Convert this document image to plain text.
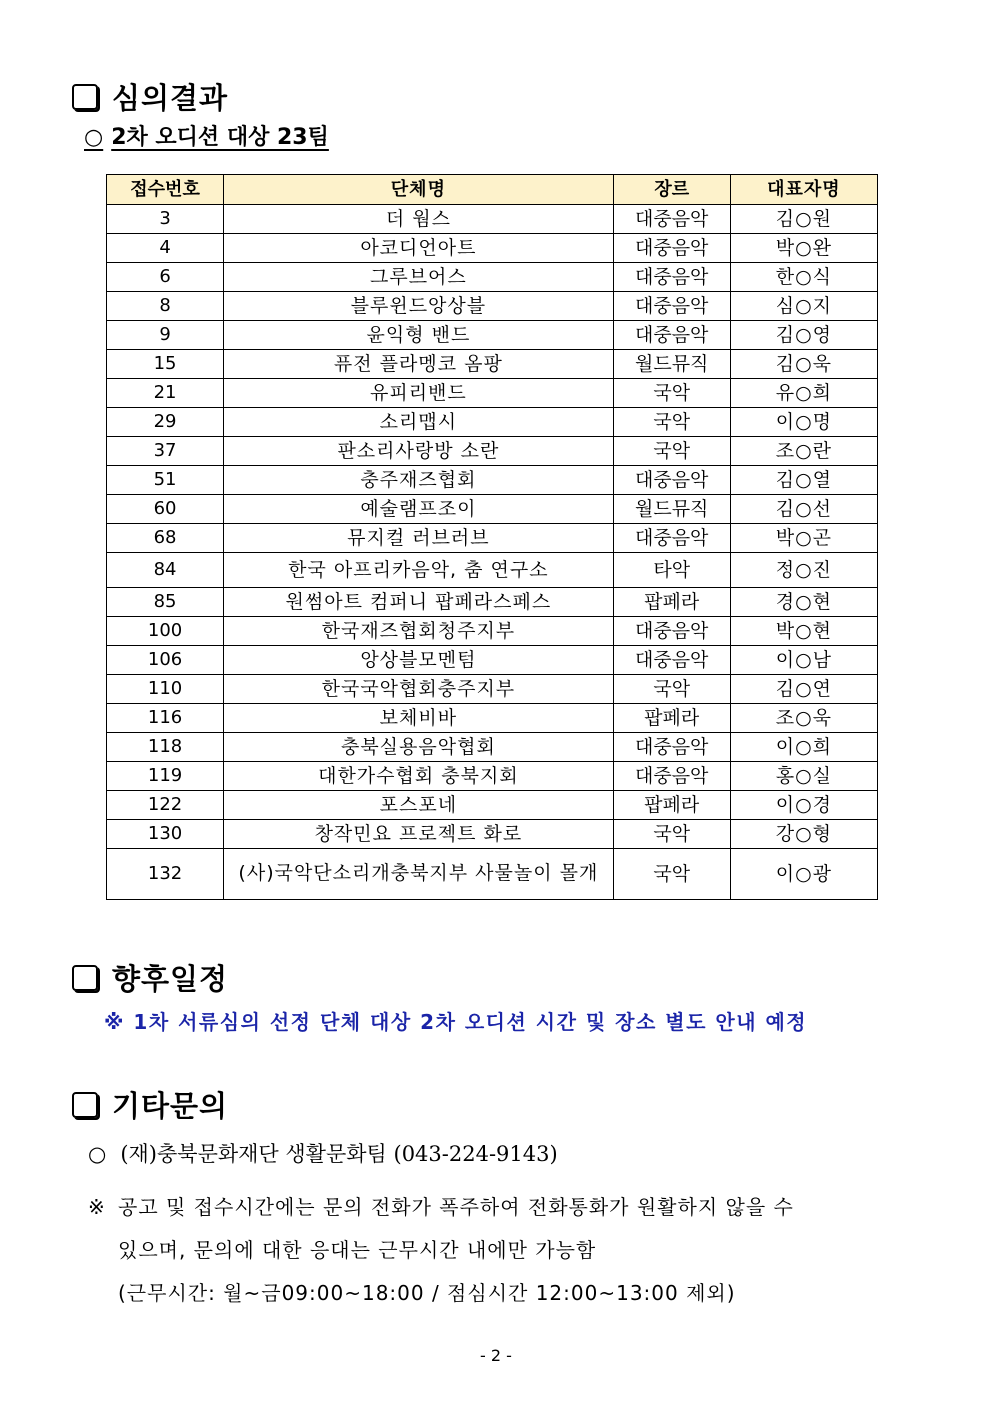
심의결과
○ 2차 오디션 대상 23팀
접수번호	단체명	장르	대표자명
3	더 웜스	대중음악	김○원
4	아코디언아트	대중음악	박○완
6	그루브어스	대중음악	한○식
8	블루윈드앙상블	대중음악	심○지
9	윤익형 밴드	대중음악	김○영
15	퓨전 플라멩코 옴팡	월드뮤직	김○욱
21	유피리밴드	국악	유○희
29	소리맵시	국악	이○명
37	판소리사랑방 소란	국악	조○란
51	충주재즈협회	대중음악	김○열
60	예술램프조이	월드뮤직	김○선
68	뮤지컬 러브러브	대중음악	박○곤
84	한국 아프리카음악, 춤 연구소	타악	정○진
85	원썸아트 컴퍼니 팝페라스페스	팝페라	경○현
100	한국재즈협회청주지부	대중음악	박○현
106	앙상블모멘텀	대중음악	이○남
110	한국국악협회충주지부	국악	김○연
116	보체비바	팝페라	조○욱
118	충북실용음악협회	대중음악	이○희
119	대한가수협회 충북지회	대중음악	홍○실
122	포스포네	팝페라	이○경
130	창작민요 프로젝트 화로	국악	강○형
132	(사)국악단소리개충북지부 사물놀이 몰개	국악	이○광
향후일정
※ 1차 서류심의 선정 단체 대상 2차 오디션 시간 및 장소 별도 안내 예정
기타문의
○ (재)충북문화재단 생활문화팀 (043-224-9143)
※ 공고 및 접수시간에는 문의 전화가 폭주하여 전화통화가 원활하지 않을 수
있으며, 문의에 대한 응대는 근무시간 내에만 가능함
(근무시간: 월~금09:00~18:00 / 점심시간 12:00~13:00 제외)
- 2 -
